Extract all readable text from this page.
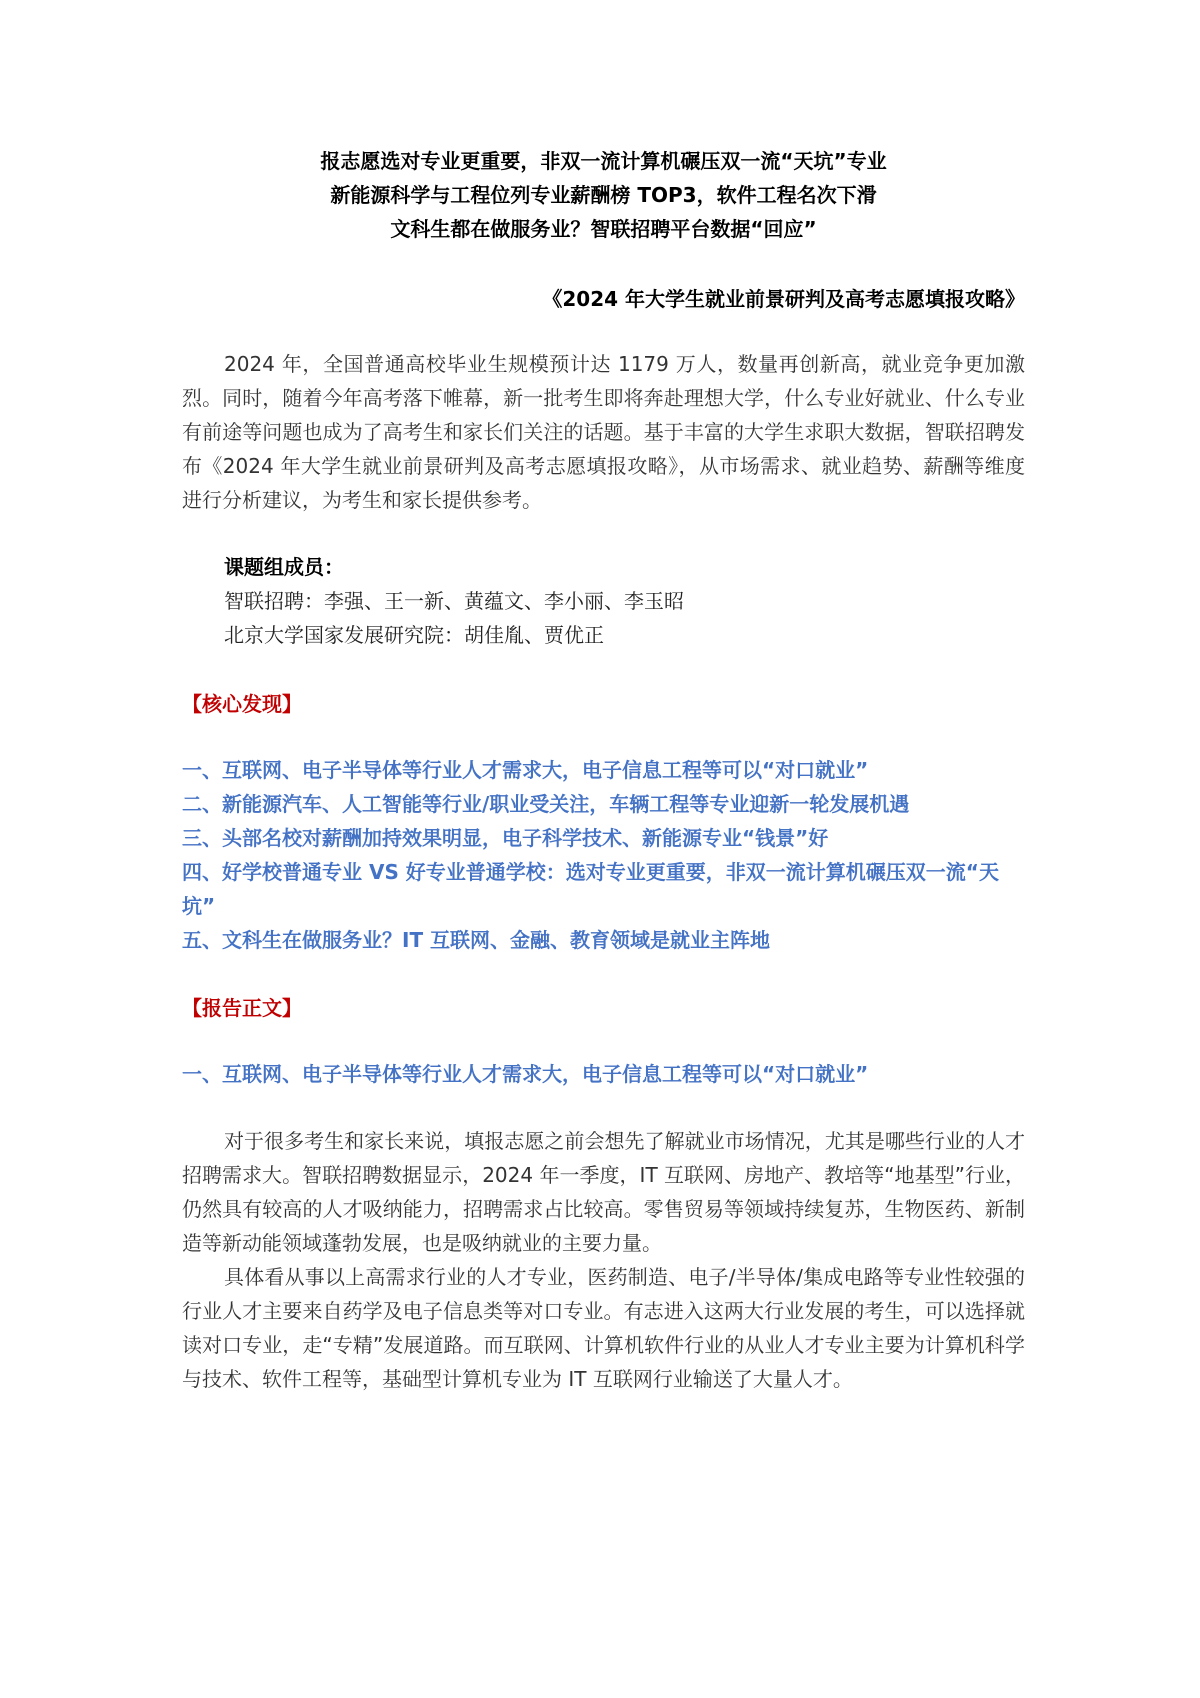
报志愿选对专业更重要，非双一流计算机碾压双一流“天坑”专业
新能源科学与工程位列专业薪酬榜 TOP3，软件工程名次下滑
文科生都在做服务业？智联招聘平台数据“回应”
《2024 年大学生就业前景研判及高考志愿填报攻略》
2024 年，全国普通高校毕业生规模预计达 1179 万人，数量再创新高，就业竞争更加激烈。同时，随着今年高考落下帷幕，新一批考生即将奔赴理想大学，什么专业好就业、什么专业有前途等问题也成为了高考生和家长们关注的话题。基于丰富的大学生求职大数据，智联招聘发布《2024 年大学生就业前景研判及高考志愿填报攻略》，从市场需求、就业趋势、薪酬等维度进行分析建议，为考生和家长提供参考。
课题组成员：
智联招聘：李强、王一新、黄蕴文、李小丽、李玉昭
北京大学国家发展研究院：胡佳胤、贾优正
【核心发现】
一、互联网、电子半导体等行业人才需求大，电子信息工程等可以“对口就业”
二、新能源汽车、人工智能等行业/职业受关注，车辆工程等专业迎新一轮发展机遇
三、头部名校对薪酬加持效果明显，电子科学技术、新能源专业“钱景”好
四、好学校普通专业 VS 好专业普通学校：选对专业更重要，非双一流计算机碾压双一流“天坑”
五、文科生在做服务业？IT 互联网、金融、教育领域是就业主阵地
【报告正文】
一、互联网、电子半导体等行业人才需求大，电子信息工程等可以“对口就业”
对于很多考生和家长来说，填报志愿之前会想先了解就业市场情况，尤其是哪些行业的人才招聘需求大。智联招聘数据显示，2024 年一季度，IT 互联网、房地产、教培等“地基型”行业，仍然具有较高的人才吸纳能力，招聘需求占比较高。零售贸易等领域持续复苏，生物医药、新制造等新动能领域蓬勃发展，也是吸纳就业的主要力量。
具体看从事以上高需求行业的人才专业，医药制造、电子/半导体/集成电路等专业性较强的行业人才主要来自药学及电子信息类等对口专业。有志进入这两大行业发展的考生，可以选择就读对口专业，走“专精”发展道路。而互联网、计算机软件行业的从业人才专业主要为计算机科学与技术、软件工程等，基础型计算机专业为 IT 互联网行业输送了大量人才。
